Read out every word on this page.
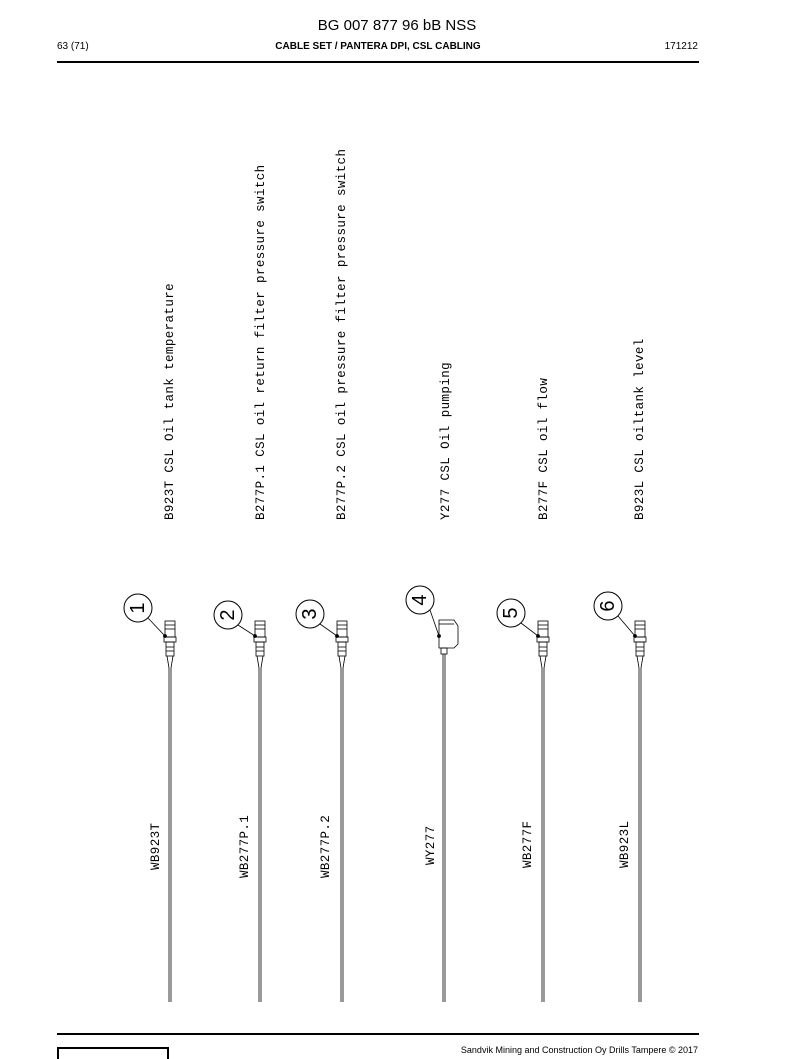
BG 007 877 96 bB NSS
63 (71)	CABLE SET / PANTERA DPI, CSL CABLING	171212
B923T CSL Oil tank temperature	B277P.1 CSL oil return filter pressure switch	B277P.2 CSL oil pressure filter pressure switch	Y277 CSL Oil pumping	B277F CSL oil flow	B923L CSL oiltank level
1
2	3
4
5
6
WB923T	WB277P.1	WB277P.2	WY277	WB277F	WB923L
Sandvik Mining and Construction Oy Drills Tampere © 2017
